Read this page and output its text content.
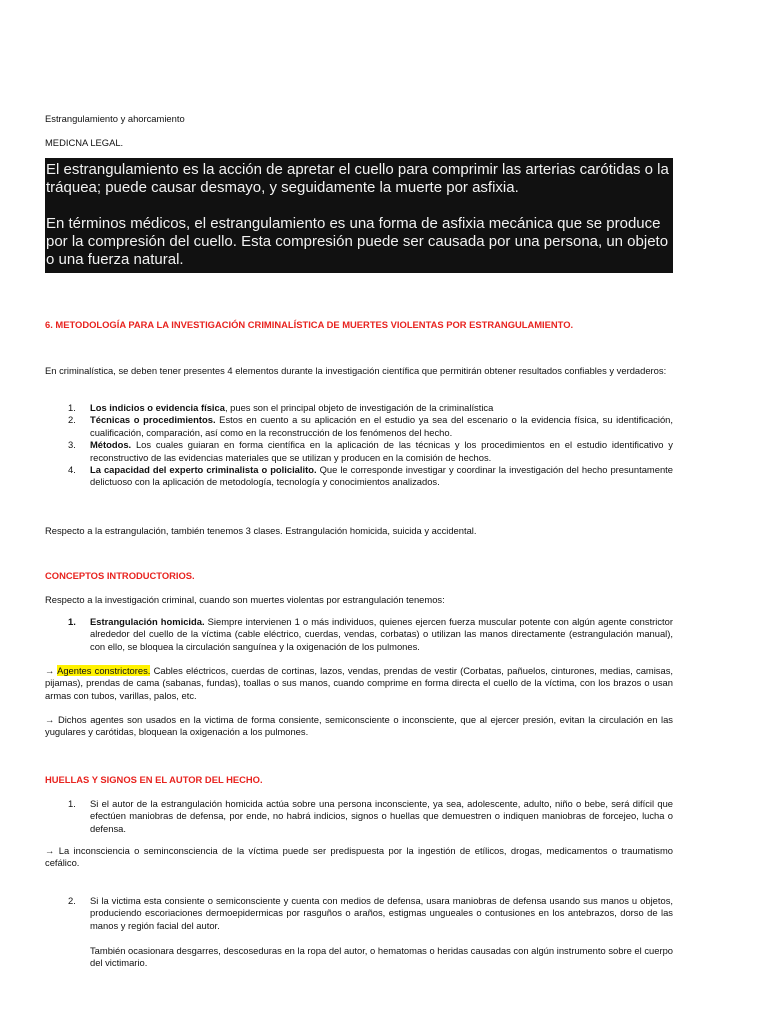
Estrangulamiento y ahorcamiento

MEDICNA LEGAL.

El estrangulamiento es la acción de apretar el cuello para comprimir las arterias carótidas o la tráquea; puede causar desmayo, y seguidamente la muerte por asfixia.

En términos médicos, el estrangulamiento es una forma de asfixia mecánica que se produce por la compresión del cuello. Esta compresión puede ser causada por una persona, un objeto o una fuerza natural.

6. METODOLOGÍA PARA LA INVESTIGACIÓN CRIMINALÍSTICA DE MUERTES VIOLENTAS POR ESTRANGULAMIENTO.

En criminalística, se deben tener presentes 4 elementos durante la investigación científica que permitirán obtener resultados confiables y verdaderos:

1. Los indicios o evidencia física, pues son el principal objeto de investigación de la criminalística
2. Técnicas o procedimientos. Estos en cuento a su aplicación en el estudio ya sea del escenario o la evidencia física, su identificación, cualificación, comparación, así como en la reconstrucción de los fenómenos del hecho.
3. Métodos. Los cuales guiaran en forma científica en la aplicación de las técnicas y los procedimientos en el estudio identificativo y reconstructivo de las evidencias materiales que se utilizan y producen en la comisión de hechos.
4. La capacidad del experto criminalista o policialito. Que le corresponde investigar y coordinar la investigación del hecho presuntamente delictuoso con la aplicación de metodología, tecnología y conocimientos analizados.

Respecto a la estrangulación, también tenemos 3 clases. Estrangulación homicida, suicida y accidental.

CONCEPTOS INTRODUCTORIOS.

Respecto a la investigación criminal, cuando son muertes violentas por estrangulación tenemos:

1. Estrangulación homicida. Siempre intervienen 1 o más individuos, quienes ejercen fuerza muscular potente con algún agente constrictor alrededor del cuello de la víctima (cable eléctrico, cuerdas, vendas, corbatas) o utilizan las manos directamente (estrangulación manual), con ello, se bloquea la circulación sanguínea y la oxigenación de los pulmones.

→ Agentes constrictores. Cables eléctricos, cuerdas de cortinas, lazos, vendas, prendas de vestir (Corbatas, pañuelos, cinturones, medias, camisas, pijamas), prendas de cama (sabanas, fundas), toallas o sus manos, cuando comprime en forma directa el cuello de la víctima, con los brazos o usan armas con tubos, varillas, palos, etc.

→ Dichos agentes son usados en la victima de forma consiente, semiconsciente o inconsciente, que al ejercer presión, evitan la circulación en las yugulares y carótidas, bloquean la oxigenación a los pulmones.

HUELLAS Y SIGNOS EN EL AUTOR DEL HECHO.
1. Si el autor de la estrangulación homicida actúa sobre una persona inconsciente, ya sea, adolescente, adulto, niño o bebe, será difícil que efectúen maniobras de defensa, por ende, no habrá indicios, signos o huellas que demuestren o indiquen maniobras de forcejeo, lucha o defensa.

→ La inconsciencia o seminconsciencia de la víctima puede ser predispuesta por la ingestión de etílicos, drogas, medicamentos o traumatismo cefálico.

2. Si la victima esta consiente o semiconsciente y cuenta con medios de defensa, usara maniobras de defensa usando sus manos u objetos, produciendo escoriaciones dermoepidermicas por rasguños o araños, estigmas ungueales o contusiones en los antebrazos, dorso de las manos y región facial del autor.

También ocasionara desgarres, descoseduras en la ropa del autor, o hematomas o heridas causadas con algún instrumento sobre el cuerpo del victimario.
